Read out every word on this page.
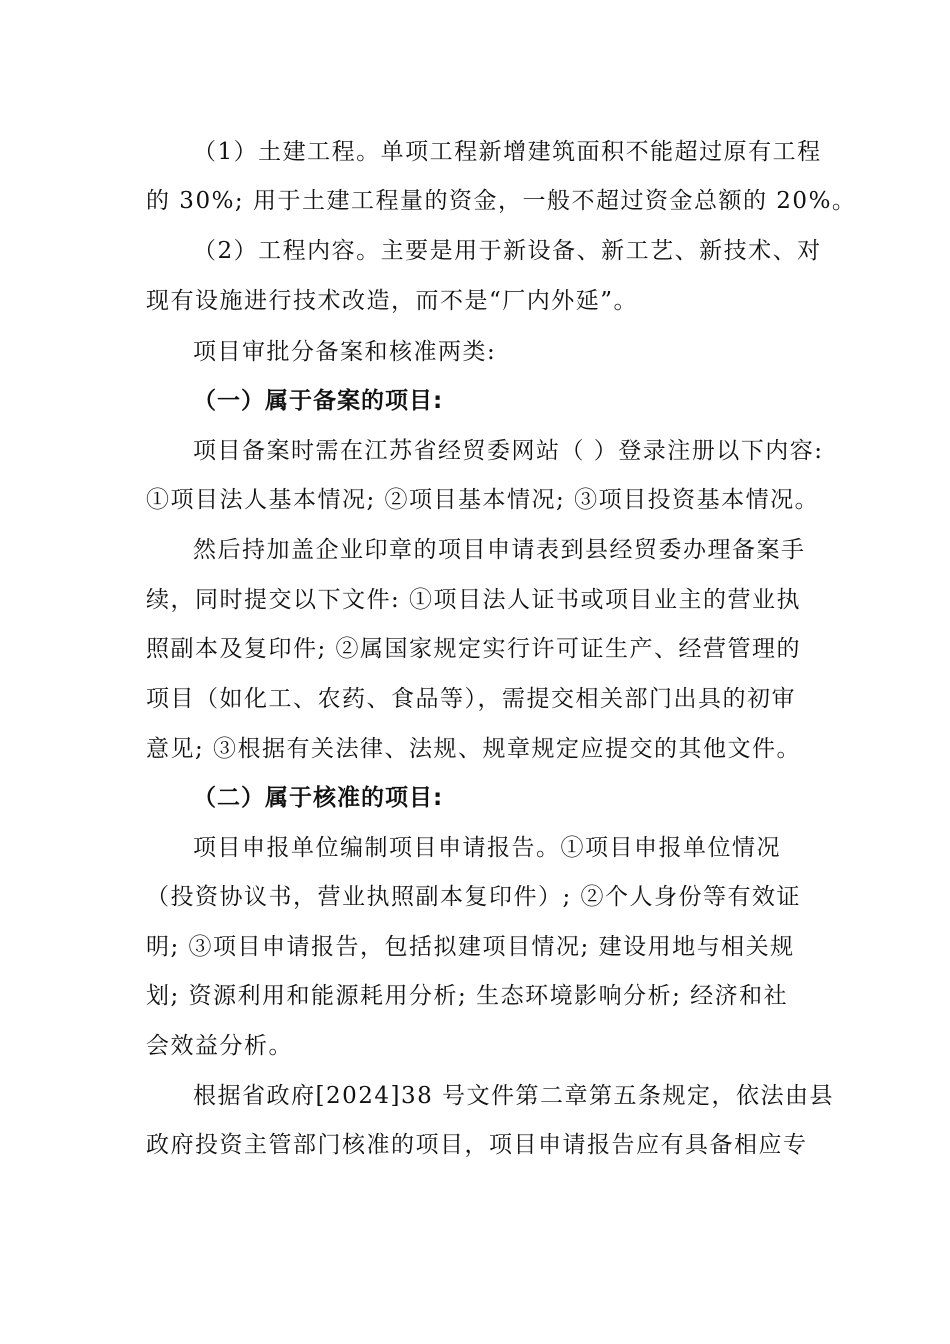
（1）土建工程。单项工程新增建筑面积不能超过原有工程
的 30%; 用于土建工程量的资金，一般不超过资金总额的 20%。
（2）工程内容。主要是用于新设备、新工艺、新技术、对
现有设施进行技术改造，而不是“厂内外延”。
项目审批分备案和核准两类:
（一）属于备案的项目:
项目备案时需在江苏省经贸委网站（ ）登录注册以下内容:
①项目法人基本情况; ②项目基本情况; ③项目投资基本情况。
然后持加盖企业印章的项目申请表到县经贸委办理备案手
续，同时提交以下文件: ①项目法人证书或项目业主的营业执
照副本及复印件; ②属国家规定实行许可证生产、经营管理的
项目（如化工、农药、食品等），需提交相关部门出具的初审
意见; ③根据有关法律、法规、规章规定应提交的其他文件。
（二）属于核准的项目:
项目申报单位编制项目申请报告。①项目申报单位情况
（投资协议书，营业执照副本复印件）; ②个人身份等有效证
明; ③项目申请报告，包括拟建项目情况; 建设用地与相关规
划; 资源利用和能源耗用分析; 生态环境影响分析; 经济和社
会效益分析。
根据省政府[2024]38 号文件第二章第五条规定，依法由县
政府投资主管部门核准的项目，项目申请报告应有具备相应专
